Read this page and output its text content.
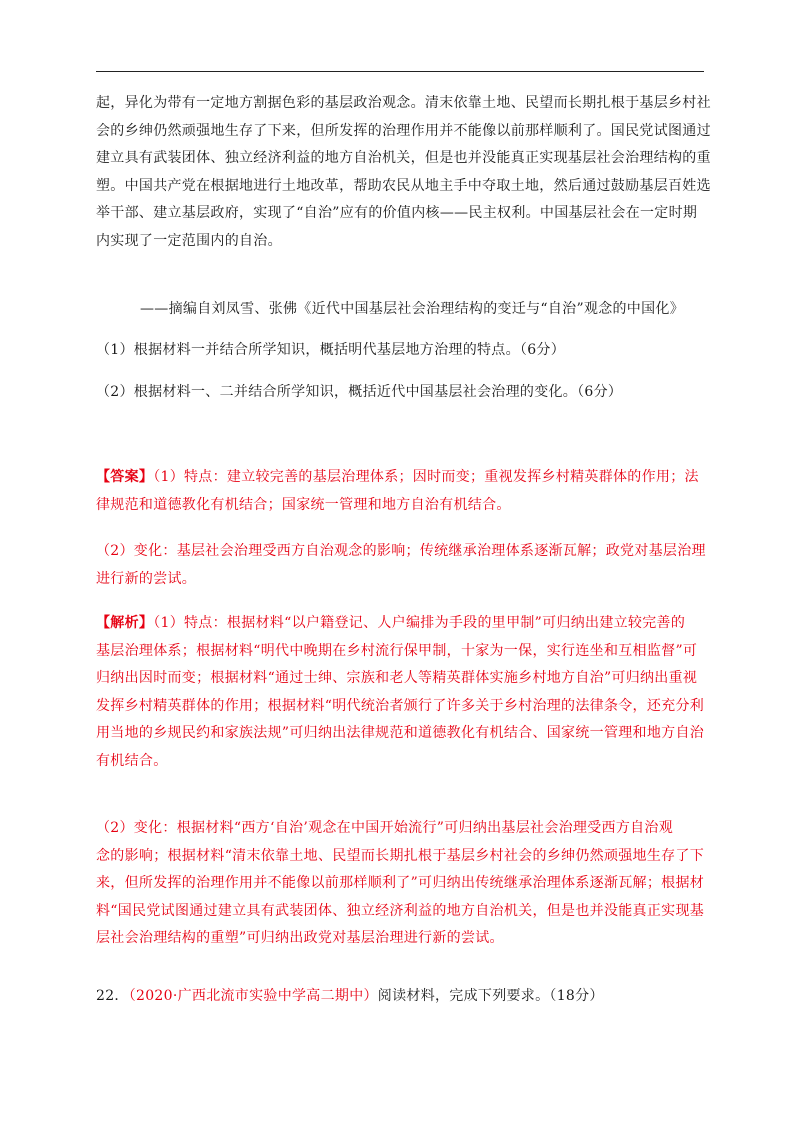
起，异化为带有一定地方割据色彩的基层政治观念。清末依靠土地、民望而长期扎根于基层乡村社
会的乡绅仍然顽强地生存了下来，但所发挥的治理作用并不能像以前那样顺利了。国民党试图通过
建立具有武装团体、独立经济利益的地方自治机关，但是也并没能真正实现基层社会治理结构的重
塑。中国共产党在根据地进行土地改革，帮助农民从地主手中夺取土地，然后通过鼓励基层百姓选
举干部、建立基层政府，实现了“自治”应有的价值内核——民主权利。中国基层社会在一定时期
内实现了一定范围内的自治。
——摘编自刘凤雪、张佛《近代中国基层社会治理结构的变迁与“自治”观念的中国化》
（1）根据材料一并结合所学知识，概括明代基层地方治理的特点。（6分）
（2）根据材料一、二并结合所学知识，概括近代中国基层社会治理的变化。（6分）
【答案】（1）特点：建立较完善的基层治理体系；因时而变；重视发挥乡村精英群体的作用；法
律规范和道德教化有机结合；国家统一管理和地方自治有机结合。
（2）变化：基层社会治理受西方自治观念的影响；传统继承治理体系逐渐瓦解；政党对基层治理
进行新的尝试。
【解析】（1）特点：根据材料“以户籍登记、人户编排为手段的里甲制”可归纳出建立较完善的
基层治理体系；根据材料“明代中晚期在乡村流行保甲制，十家为一保，实行连坐和互相监督”可
归纳出因时而变；根据材料“通过士绅、宗族和老人等精英群体实施乡村地方自治”可归纳出重视
发挥乡村精英群体的作用；根据材料“明代统治者颁行了许多关于乡村治理的法律条令，还充分利
用当地的乡规民约和家族法规”可归纳出法律规范和道德教化有机结合、国家统一管理和地方自治
有机结合。
（2）变化：根据材料“西方‘自治’观念在中国开始流行”可归纳出基层社会治理受西方自治观
念的影响；根据材料“清末依靠土地、民望而长期扎根于基层乡村社会的乡绅仍然顽强地生存了下
来，但所发挥的治理作用并不能像以前那样顺利了”可归纳出传统继承治理体系逐渐瓦解；根据材
料“国民党试图通过建立具有武装团体、独立经济利益的地方自治机关，但是也并没能真正实现基
层社会治理结构的重塑”可归纳出政党对基层治理进行新的尝试。
22．（2020·广西北流市实验中学高二期中）阅读材料，完成下列要求。（18分）
